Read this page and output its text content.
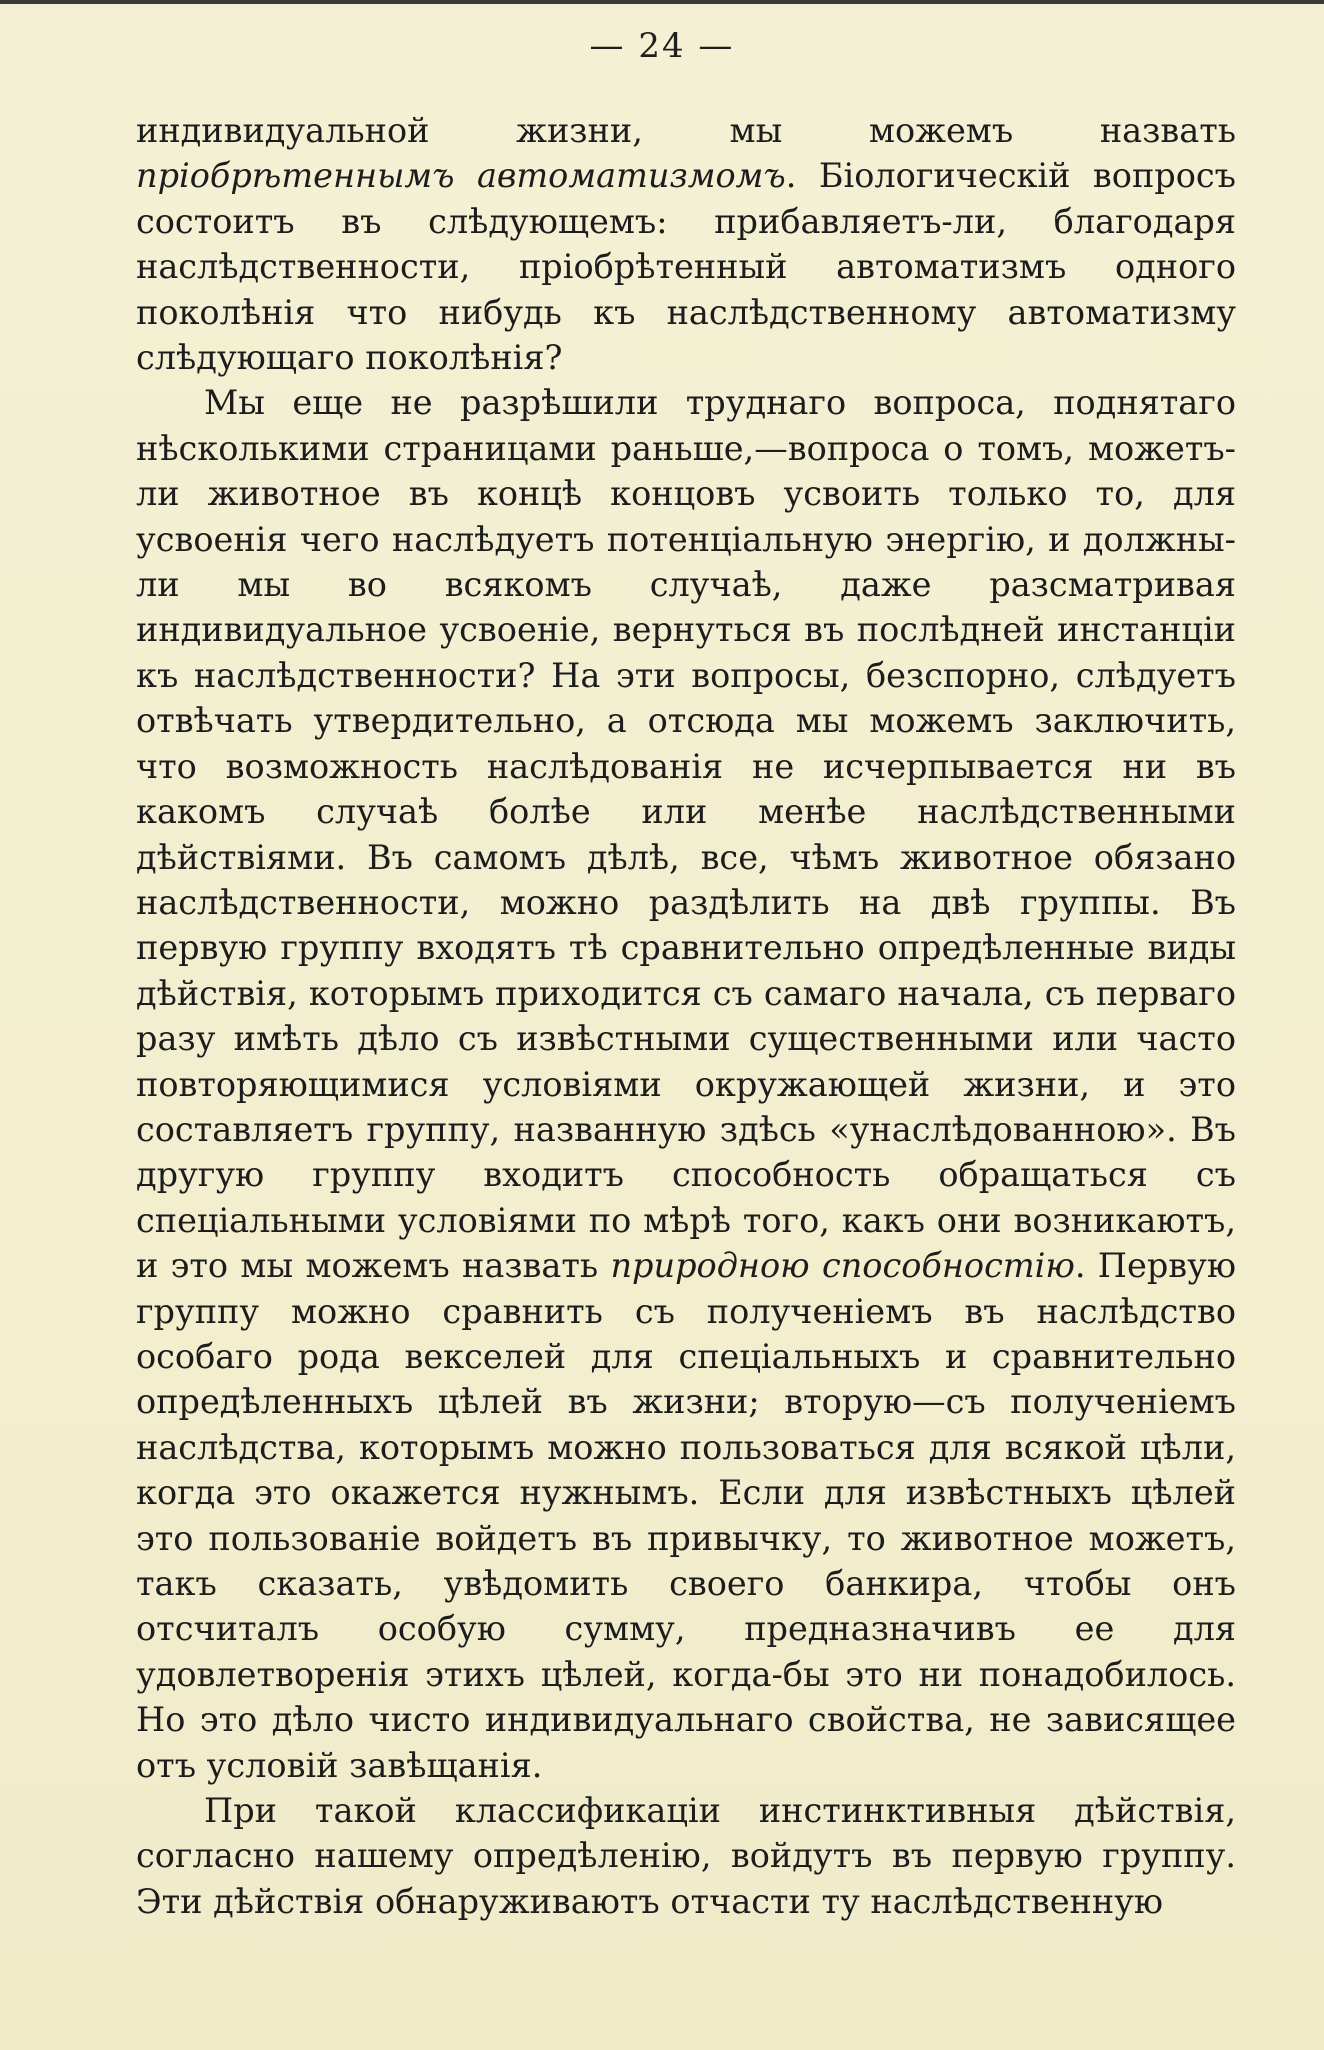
— 24 —

индивидуальной жизни, мы можемъ назвать пріобрѣтеннымъ автоматизмомъ. Біологическій вопросъ состоитъ въ слѣдующемъ: прибавляетъ-ли, благодаря наслѣдственности, пріобрѣтенный автоматизмъ одного поколѣнія что нибудь къ наслѣдственному автоматизму слѣдующаго поколѣнія?

Мы еще не разрѣшили труднаго вопроса, поднятаго нѣсколькими страницами раньше,—вопроса о томъ, можетъ-ли животное въ концѣ концовъ усвоить только то, для усвоенія чего наслѣдуетъ потенціальную энергію, и должны-ли мы во всякомъ случаѣ, даже разсматривая индивидуальное усвоеніе, вернуться въ послѣдней инстанціи къ наслѣдственности? На эти вопросы, безспорно, слѣдуетъ отвѣчать утвердительно, а отсюда мы можемъ заключить, что возможность наслѣдованія не исчерпывается ни въ какомъ случаѣ болѣе или менѣе наслѣдственными дѣйствіями. Въ самомъ дѣлѣ, все, чѣмъ животное обязано наслѣдственности, можно раздѣлить на двѣ группы. Въ первую группу входятъ тѣ сравнительно опредѣленные виды дѣйствія, которымъ приходится съ самаго начала, съ перваго разу имѣть дѣло съ извѣстными существенными или часто повторяющимися условіями окружающей жизни, и это составляетъ группу, названную здѣсь «унаслѣдованною». Въ другую группу входитъ способность обращаться съ спеціальными условіями по мѣрѣ того, какъ они возникаютъ, и это мы можемъ назвать природною способностію. Первую группу можно сравнить съ полученіемъ въ наслѣдство особаго рода векселей для спеціальныхъ и сравнительно опредѣленныхъ цѣлей въ жизни; вторую—съ полученіемъ наслѣдства, которымъ можно пользоваться для всякой цѣли, когда это окажется нужнымъ. Если для извѣстныхъ цѣлей это пользованіе войдетъ въ привычку, то животное можетъ, такъ сказать, увѣдомить своего банкира, чтобы онъ отсчиталъ особую сумму, предназначивъ ее для удовлетворенія этихъ цѣлей, когда-бы это ни понадобилось. Но это дѣло чисто индивидуальнаго свойства, не зависящее отъ условій завѣщанія.

При такой классификаціи инстинктивныя дѣйствія, согласно нашему опредѣленію, войдутъ въ первую группу. Эти дѣйствія обнаруживаютъ отчасти ту наслѣдственную
